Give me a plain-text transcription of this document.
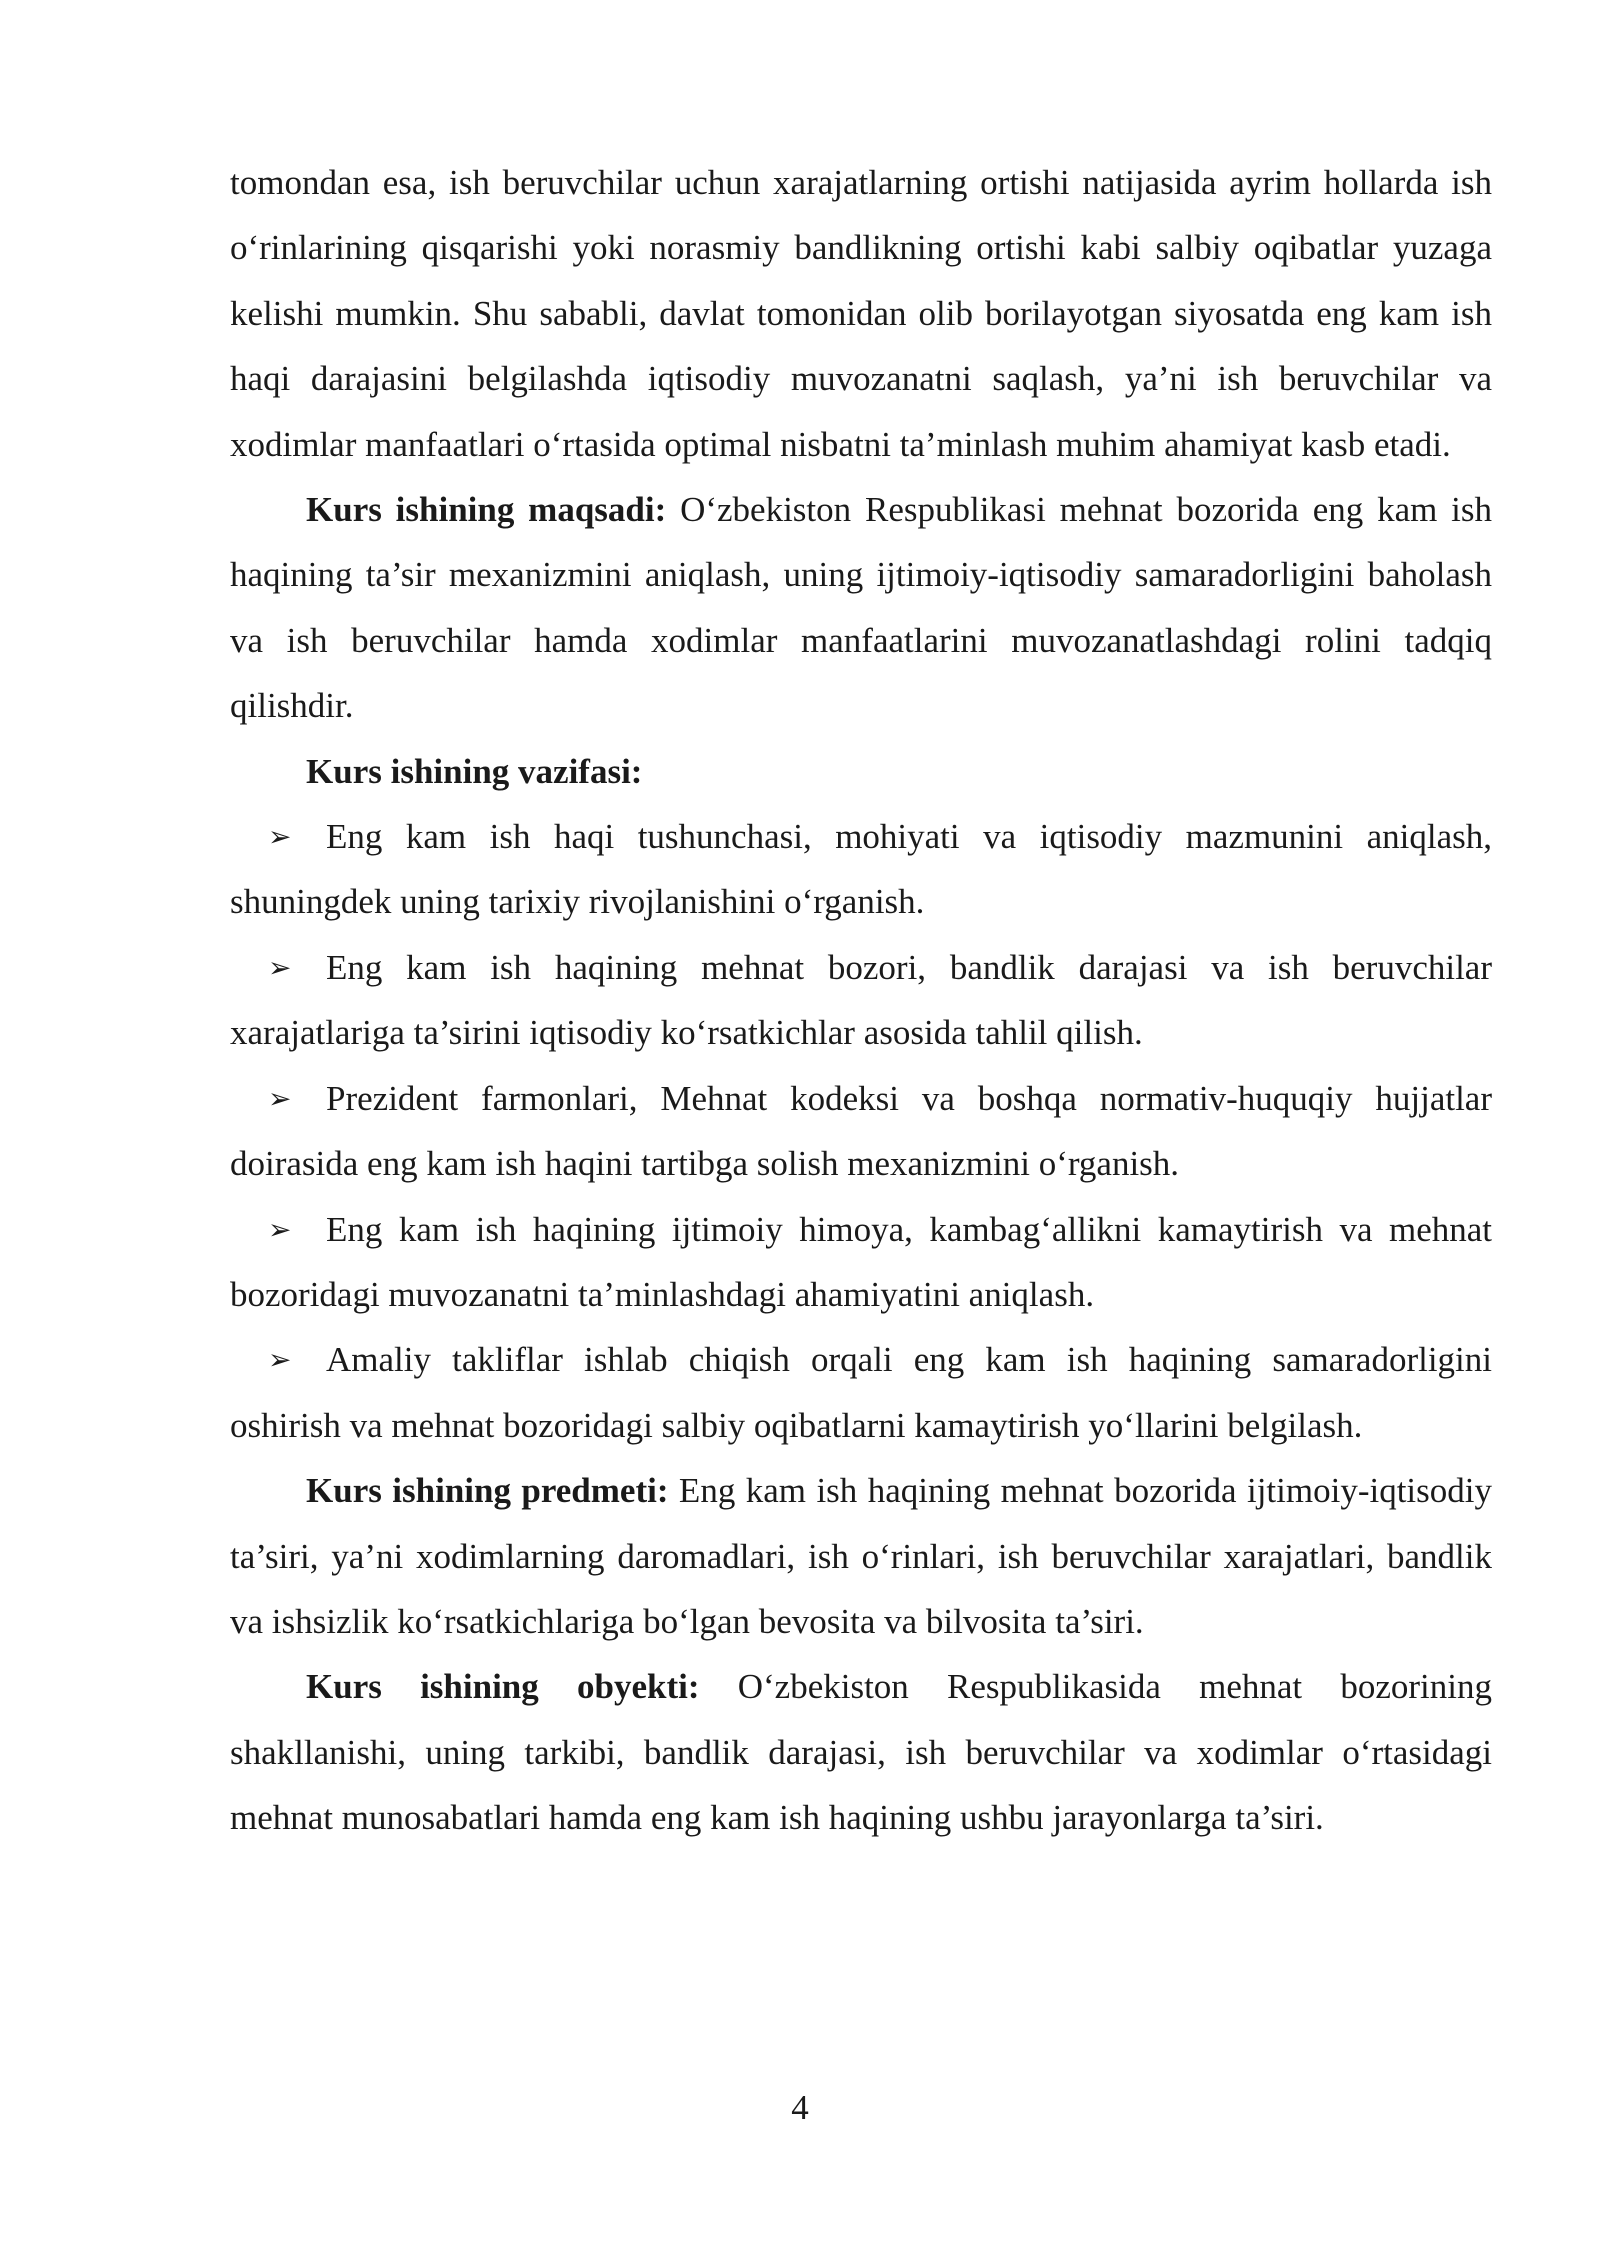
tomondan esa, ish beruvchilar uchun xarajatlarning ortishi natijasida ayrim hollarda ish o‘rinlarining qisqarishi yoki norasmiy bandlikning ortishi kabi salbiy oqibatlar yuzaga kelishi mumkin. Shu sababli, davlat tomonidan olib borilayotgan siyosatda eng kam ish haqi darajasini belgilashda iqtisodiy muvozanatni saqlash, ya’ni ish beruvchilar va xodimlar manfaatlari o‘rtasida optimal nisbatni ta’minlash muhim ahamiyat kasb etadi.

Kurs ishining maqsadi: O‘zbekiston Respublikasi mehnat bozorida eng kam ish haqining ta’sir mexanizmini aniqlash, uning ijtimoiy-iqtisodiy samaradorligini baholash va ish beruvchilar hamda xodimlar manfaatlarini muvozanatlashdagi rolini tadqiq qilishdir.

Kurs ishining vazifasi:

➢ Eng kam ish haqi tushunchasi, mohiyati va iqtisodiy mazmunini aniqlash, shuningdek uning tarixiy rivojlanishini o‘rganish.

➢ Eng kam ish haqining mehnat bozori, bandlik darajasi va ish beruvchilar xarajatlariga ta’sirini iqtisodiy ko‘rsatkichlar asosida tahlil qilish.

➢ Prezident farmonlari, Mehnat kodeksi va boshqa normativ-huquqiy hujjatlar doirasida eng kam ish haqini tartibga solish mexanizmini o‘rganish.

➢ Eng kam ish haqining ijtimoiy himoya, kambag‘allikni kamaytirish va mehnat bozoridagi muvozanatni ta’minlashdagi ahamiyatini aniqlash.

➢ Amaliy takliflar ishlab chiqish orqali eng kam ish haqining samaradorligini oshirish va mehnat bozoridagi salbiy oqibatlarni kamaytirish yo‘llarini belgilash.

Kurs ishining predmeti: Eng kam ish haqining mehnat bozorida ijtimoiy-iqtisodiy ta’siri, ya’ni xodimlarning daromadlari, ish o‘rinlari, ish beruvchilar xarajatlari, bandlik va ishsizlik ko‘rsatkichlariga bo‘lgan bevosita va bilvosita ta’siri.

Kurs ishining obyekti: O‘zbekiston Respublikasida mehnat bozorining shakllanishi, uning tarkibi, bandlik darajasi, ish beruvchilar va xodimlar o‘rtasidagi mehnat munosabatlari hamda eng kam ish haqining ushbu jarayonlarga ta’siri.

4
